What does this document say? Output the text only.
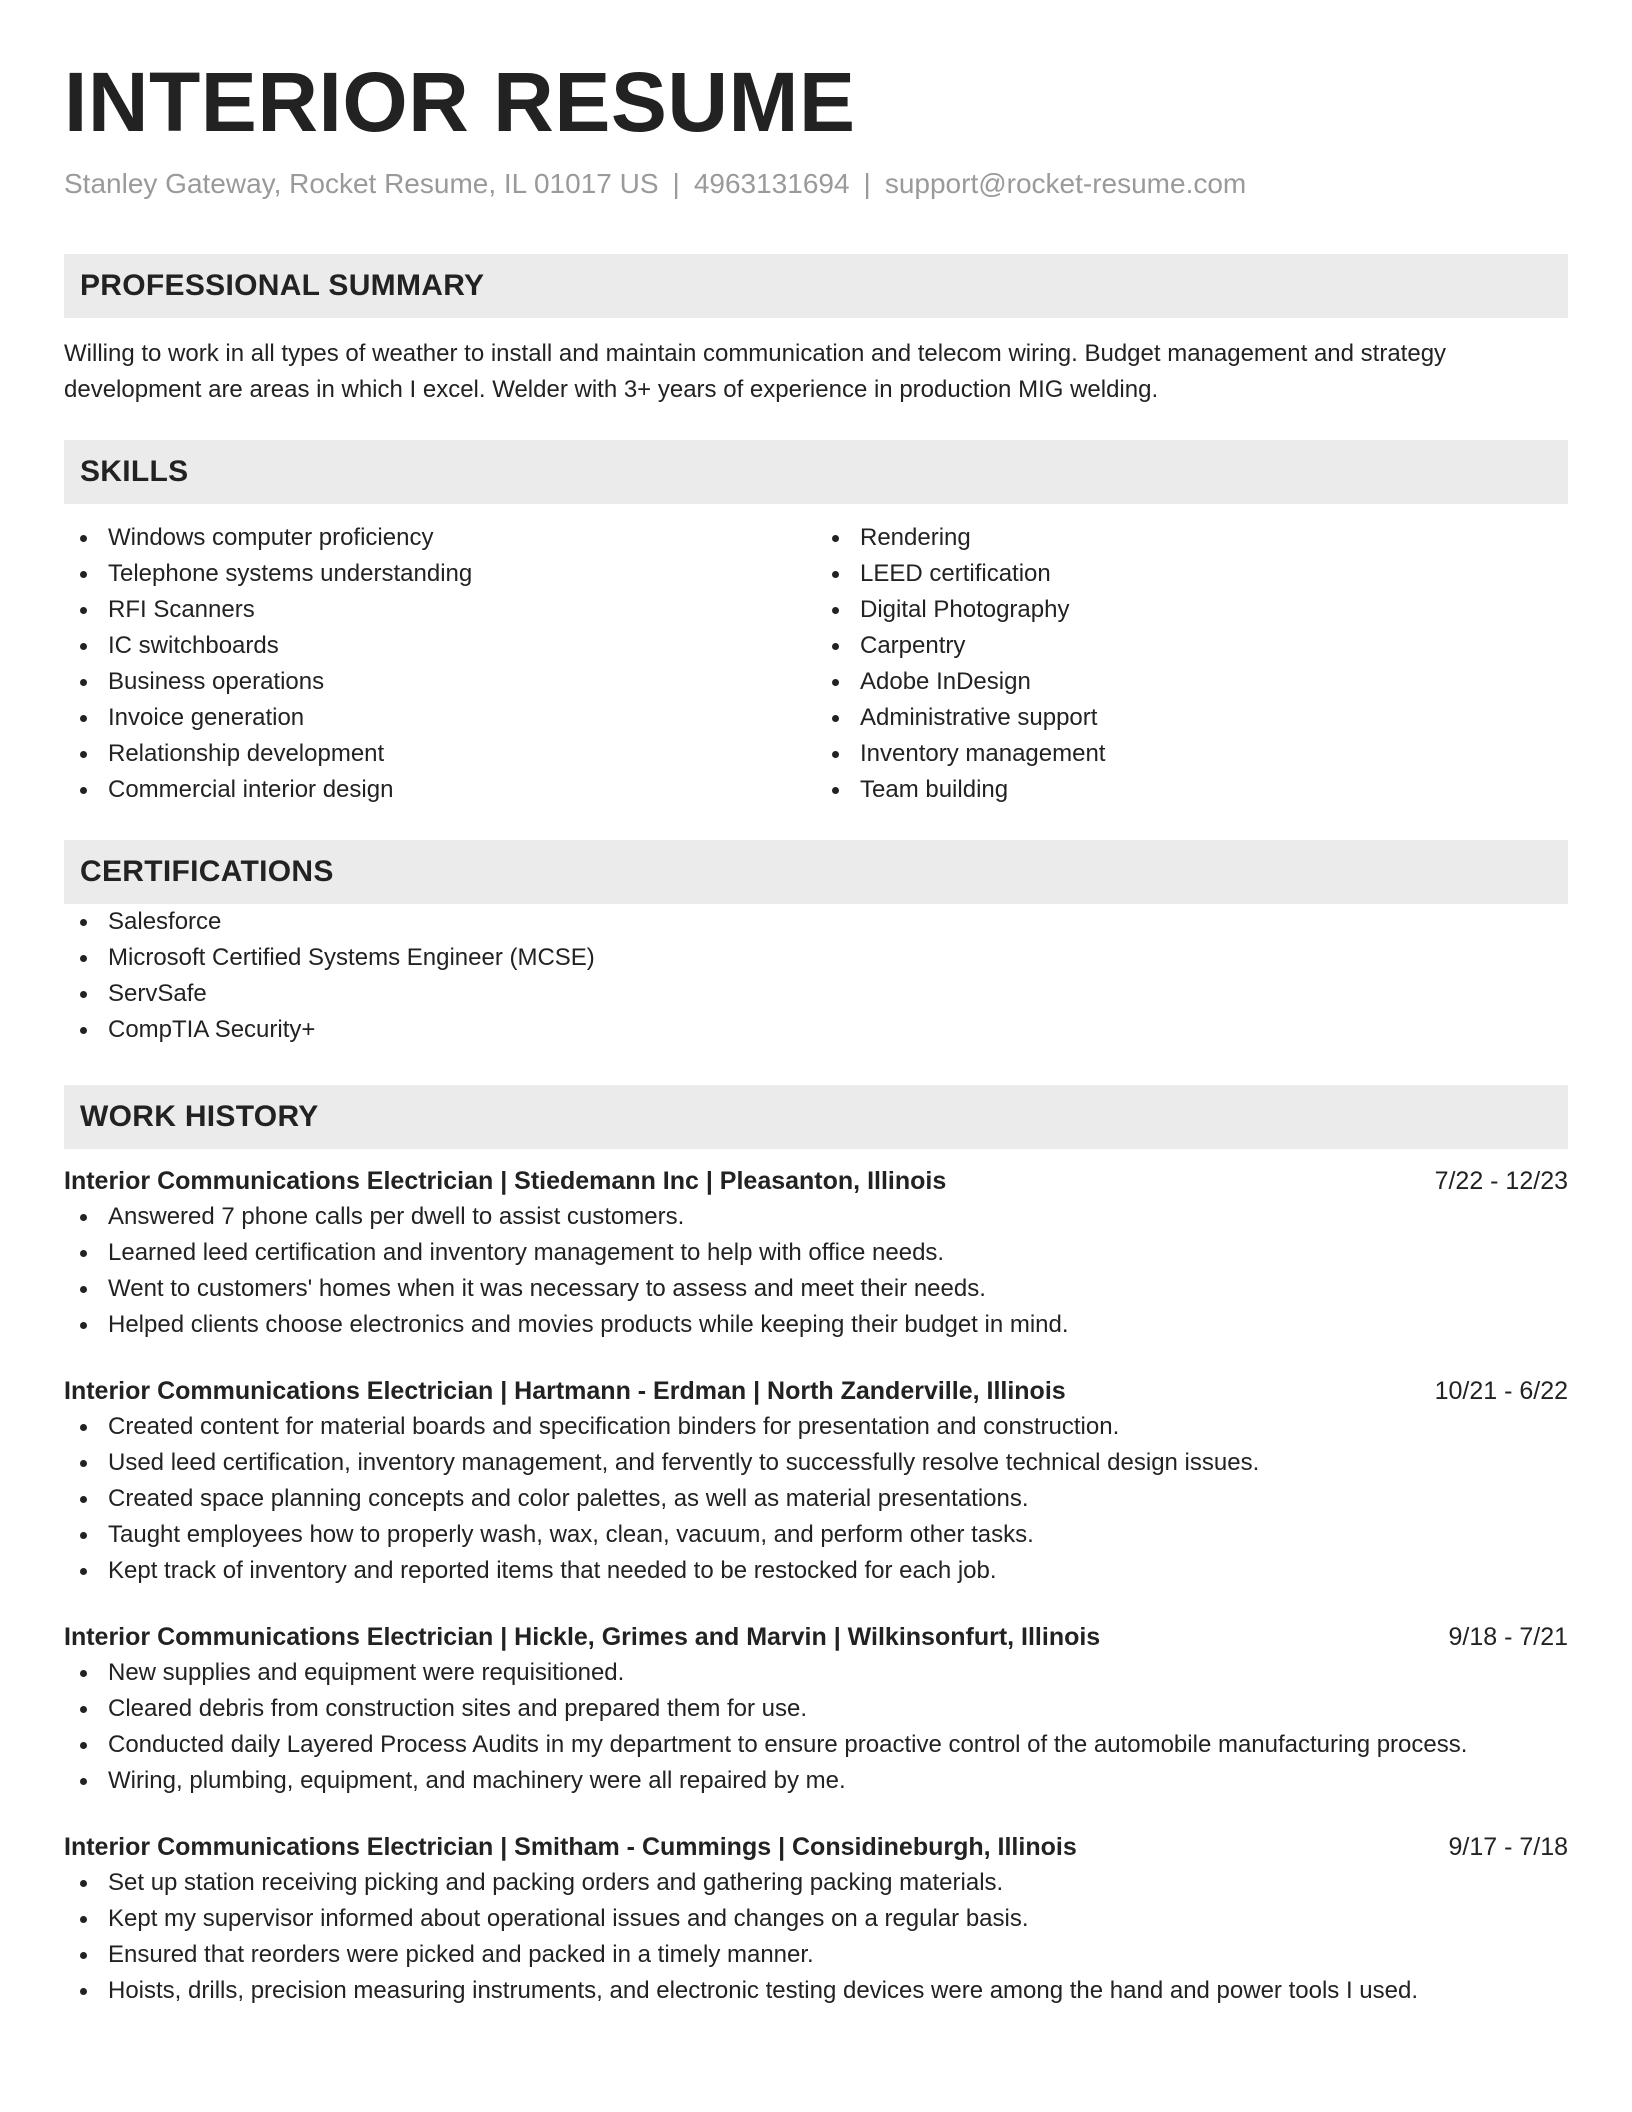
INTERIOR RESUME
Stanley Gateway, Rocket Resume, IL 01017 US | 4963131694 | support@rocket-resume.com
PROFESSIONAL SUMMARY

Willing to work in all types of weather to install and maintain communication and telecom wiring. Budget management and strategy development are areas in which I excel. Welder with 3+ years of experience in production MIG welding.

SKILLS
Windows computer proficiency
Telephone systems understanding
RFI Scanners
IC switchboards
Business operations
Invoice generation
Relationship development
Commercial interior design
Rendering
LEED certification
Digital Photography
Carpentry
Adobe InDesign
Administrative support
Inventory management
Team building
CERTIFICATIONS
Salesforce
Microsoft Certified Systems Engineer (MCSE)
ServSafe
CompTIA Security+
WORK HISTORY
Interior Communications Electrician | Stiedemann Inc | Pleasanton, Illinois	7/22 - 12/23
Answered 7 phone calls per dwell to assist customers.
Learned leed certification and inventory management to help with office needs.
Went to customers' homes when it was necessary to assess and meet their needs.
Helped clients choose electronics and movies products while keeping their budget in mind.
Interior Communications Electrician | Hartmann - Erdman | North Zanderville, Illinois	10/21 - 6/22
Created content for material boards and specification binders for presentation and construction.
Used leed certification, inventory management, and fervently to successfully resolve technical design issues.
Created space planning concepts and color palettes, as well as material presentations.
Taught employees how to properly wash, wax, clean, vacuum, and perform other tasks.
Kept track of inventory and reported items that needed to be restocked for each job.
Interior Communications Electrician | Hickle, Grimes and Marvin | Wilkinsonfurt, Illinois	9/18 - 7/21
New supplies and equipment were requisitioned.
Cleared debris from construction sites and prepared them for use.
Conducted daily Layered Process Audits in my department to ensure proactive control of the automobile manufacturing process.
Wiring, plumbing, equipment, and machinery were all repaired by me.
Interior Communications Electrician | Smitham - Cummings | Considineburgh, Illinois	9/17 - 7/18
Set up station receiving picking and packing orders and gathering packing materials.
Kept my supervisor informed about operational issues and changes on a regular basis.
Ensured that reorders were picked and packed in a timely manner.
Hoists, drills, precision measuring instruments, and electronic testing devices were among the hand and power tools I used.
